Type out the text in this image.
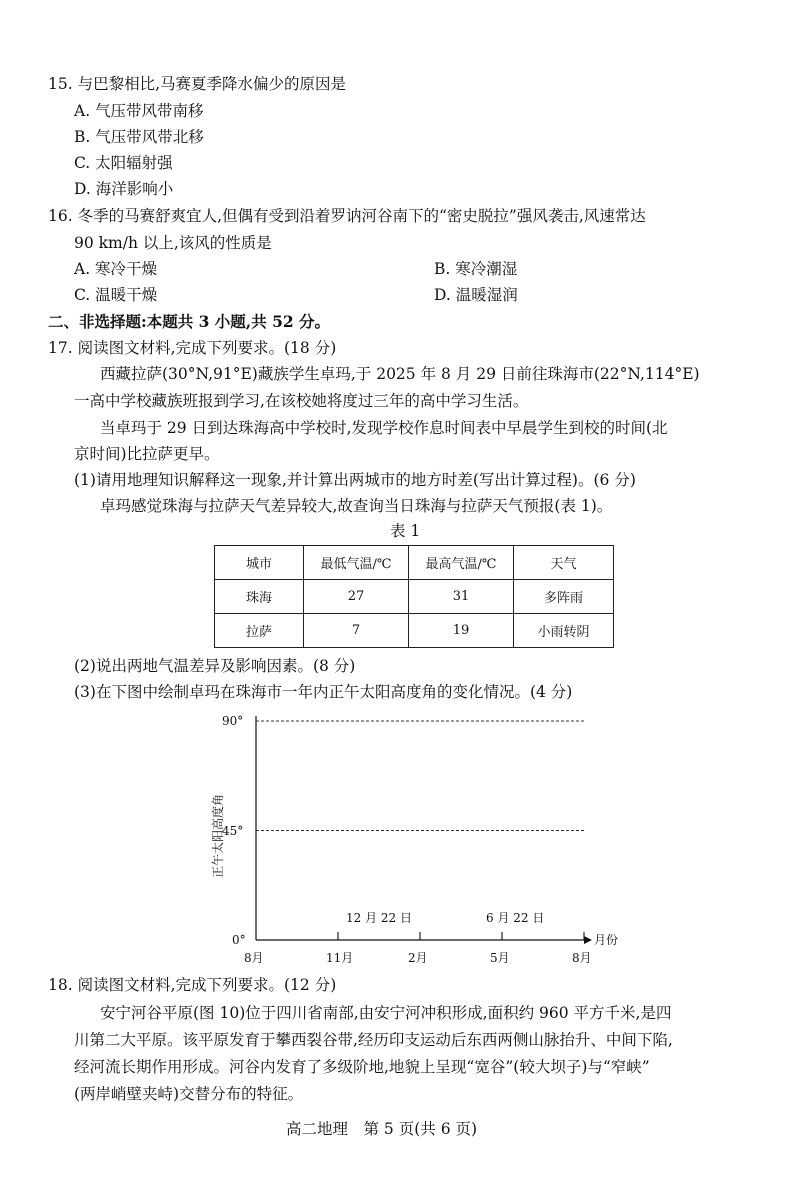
15. 与巴黎相比,马赛夏季降水偏少的原因是
A. 气压带风带南移
B. 气压带风带北移
C. 太阳辐射强
D. 海洋影响小
16. 冬季的马赛舒爽宜人,但偶有受到沿着罗讷河谷南下的“密史脱拉”强风袭击,风速常达
90 km/h 以上,该风的性质是
A. 寒冷干燥	B. 寒冷潮湿
C. 温暖干燥	D. 温暖湿润
二、非选择题:本题共 3 小题,共 52 分。
17. 阅读图文材料,完成下列要求。(18 分)
西藏拉萨(30°N,91°E)藏族学生卓玛,于 2025 年 8 月 29 日前往珠海市(22°N,114°E)
一高中学校藏族班报到学习,在该校她将度过三年的高中学习生活。
当卓玛于 29 日到达珠海高中学校时,发现学校作息时间表中早晨学生到校的时间(北
京时间)比拉萨更早。
(1)请用地理知识解释这一现象,并计算出两城市的地方时差(写出计算过程)。(6 分)
卓玛感觉珠海与拉萨天气差异较大,故查询当日珠海与拉萨天气预报(表 1)。
表 1
城市	最低气温/℃	最高气温/℃	天气
珠海	27	31	多阵雨
拉萨	7	19	小雨转阴
(2)说出两地气温差异及影响因素。(8 分)
(3)在下图中绘制卓玛在珠海市一年内正午太阳高度角的变化情况。(4 分)
90°
45°
0°
8月	11月	2月	5月	8月
月份
12 月 22 日	6 月 22 日
正午太阳高度角
18. 阅读图文材料,完成下列要求。(12 分)
安宁河谷平原(图 10)位于四川省南部,由安宁河冲积形成,面积约 960 平方千米,是四
川第二大平原。该平原发育于攀西裂谷带,经历印支运动后东西两侧山脉抬升、中间下陷,
经河流长期作用形成。河谷内发育了多级阶地,地貌上呈现“宽谷”(较大坝子)与“窄峡”
(两岸峭壁夹峙)交替分布的特征。
高二地理　第 5 页(共 6 页)
